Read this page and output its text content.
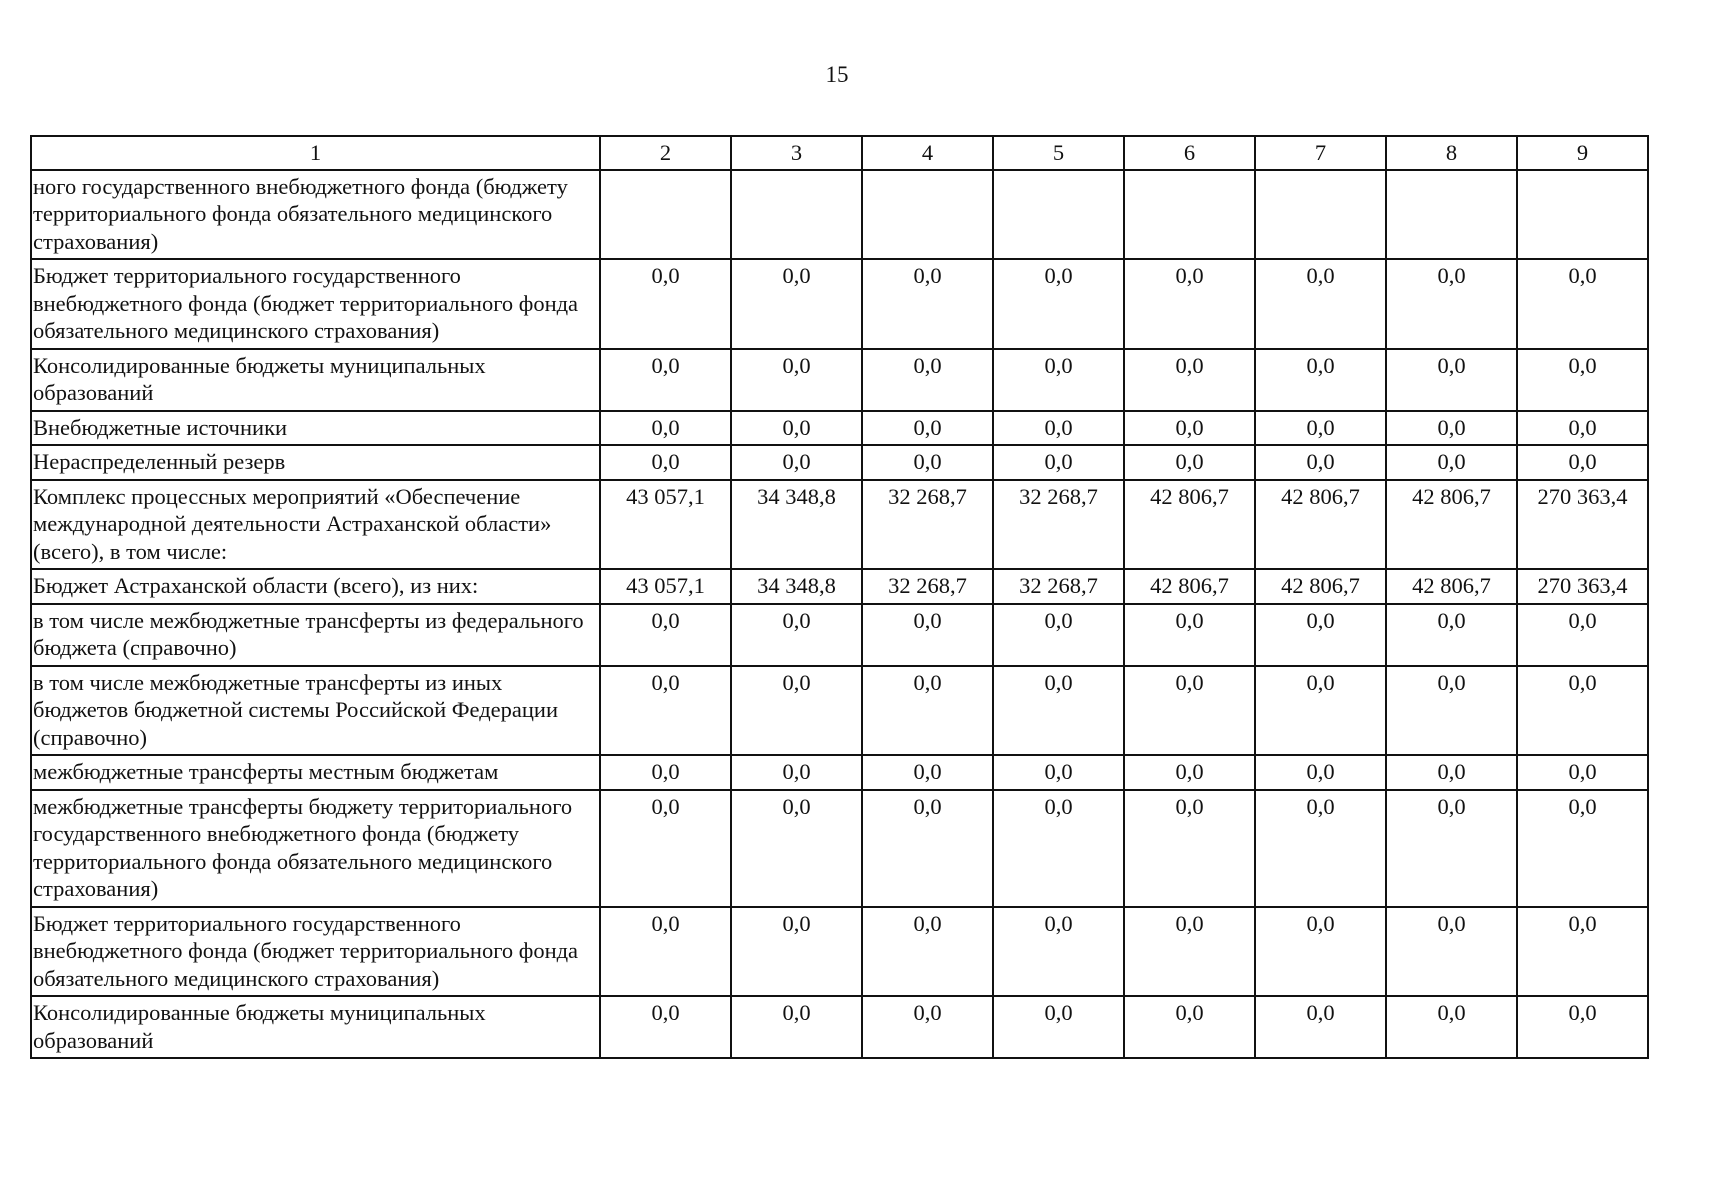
15
1	2	3	4	5	6	7	8	9
ного государственного внебюджетного фонда (бюджету территориального фонда обязательного медицинского страхования)								
Бюджет территориального государственного внебюджетного фонда (бюджет территориального фонда обязательного медицинского страхования)	0,0	0,0	0,0	0,0	0,0	0,0	0,0	0,0
Консолидированные бюджеты муниципальных образований	0,0	0,0	0,0	0,0	0,0	0,0	0,0	0,0
Внебюджетные источники	0,0	0,0	0,0	0,0	0,0	0,0	0,0	0,0
Нераспределенный резерв	0,0	0,0	0,0	0,0	0,0	0,0	0,0	0,0
Комплекс процессных мероприятий «Обеспечение международной деятельности Астраханской области» (всего), в том числе:	43 057,1	34 348,8	32 268,7	32 268,7	42 806,7	42 806,7	42 806,7	270 363,4
Бюджет Астраханской области (всего), из них:	43 057,1	34 348,8	32 268,7	32 268,7	42 806,7	42 806,7	42 806,7	270 363,4
в том числе межбюджетные трансферты из федерального бюджета (справочно)	0,0	0,0	0,0	0,0	0,0	0,0	0,0	0,0
в том числе межбюджетные трансферты из иных бюджетов бюджетной системы Российской Федерации (справочно)	0,0	0,0	0,0	0,0	0,0	0,0	0,0	0,0
межбюджетные трансферты местным бюджетам	0,0	0,0	0,0	0,0	0,0	0,0	0,0	0,0
межбюджетные трансферты бюджету территориального государственного внебюджетного фонда (бюджету территориального фонда обязательного медицинского страхования)	0,0	0,0	0,0	0,0	0,0	0,0	0,0	0,0
Бюджет территориального государственного внебюджетного фонда (бюджет территориального фонда обязательного медицинского страхования)	0,0	0,0	0,0	0,0	0,0	0,0	0,0	0,0
Консолидированные бюджеты муниципальных образований	0,0	0,0	0,0	0,0	0,0	0,0	0,0	0,0
